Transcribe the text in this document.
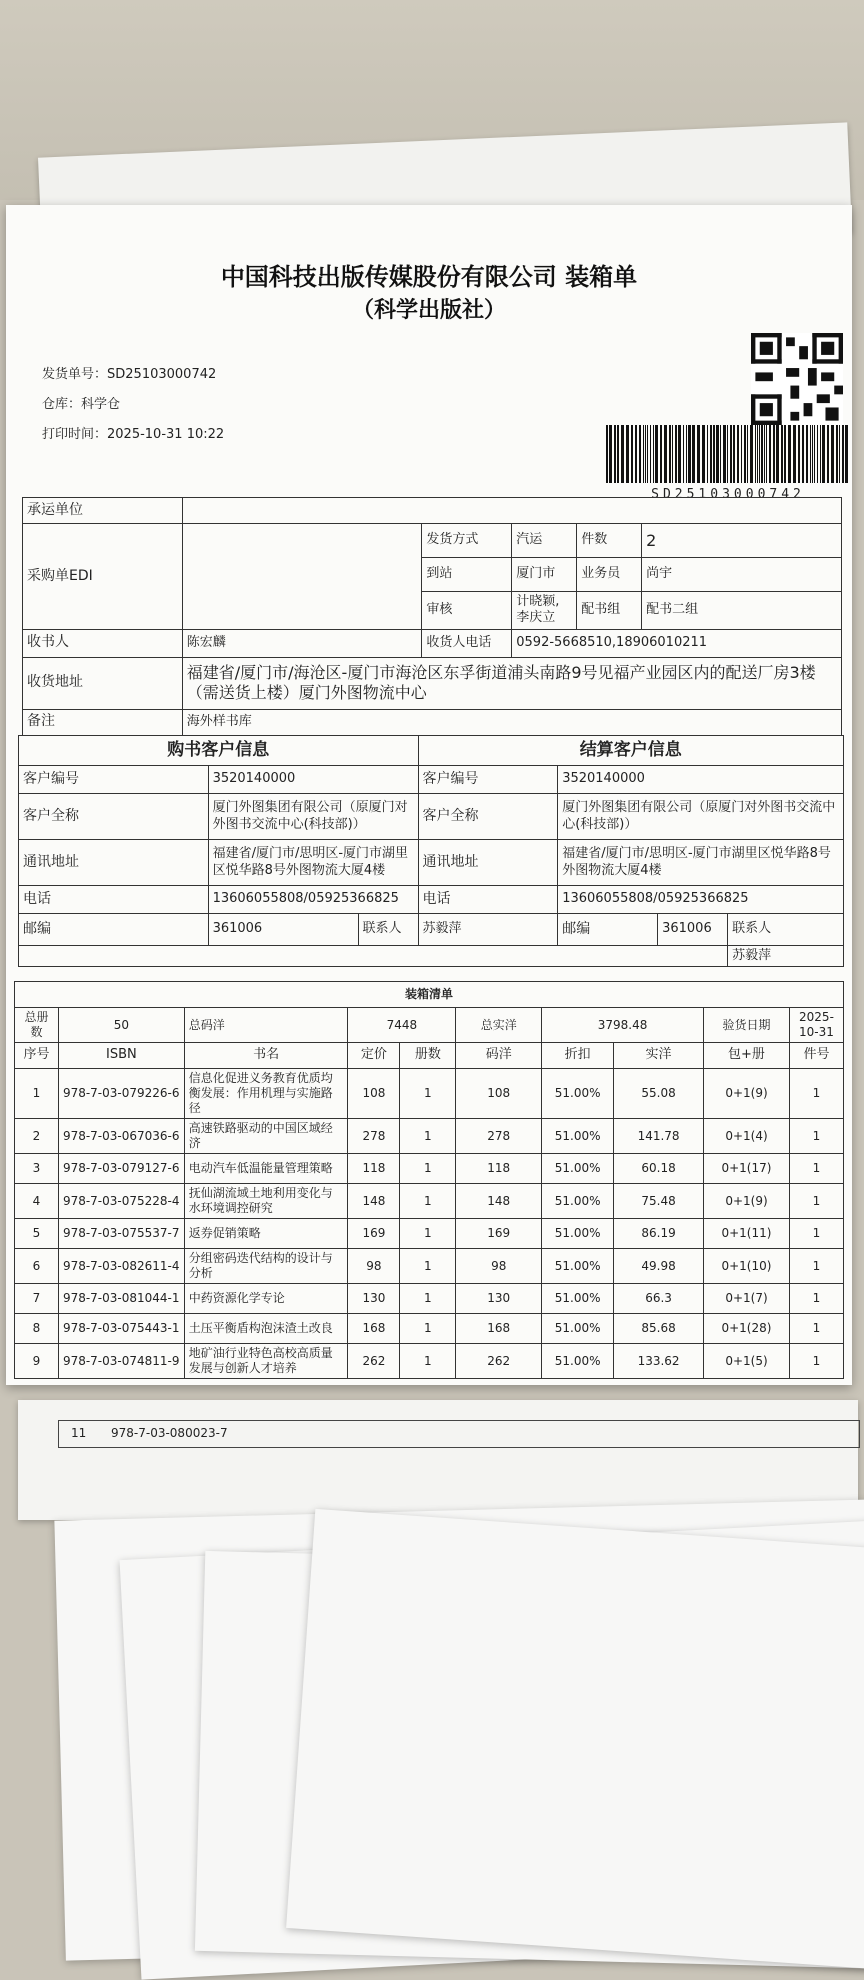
中国科技出版传媒股份有限公司 装箱单
（科学出版社）
发货单号：SD25103000742
仓库：科学仓
打印时间：2025-10-31 10:22
SD25103000742
承运单位					
采购单EDI		发货方式	汽运	件数	2
		到站	厦门市	业务员	尚宇
		审核	计晓颖,李庆立	配书组	配书二组
收书人	陈宏麟	收货人电话	0592-5668510,18906010211		
收货地址	福建省/厦门市/海沧区-厦门市海沧区东孚街道浦头南路9号见福产业园区内的配送厂房3楼（需送货上楼）厦门外图物流中心				
备注	海外样书库				
购书客户信息			结算客户信息			
客户编号	3520140000		客户编号	3520140000		
客户全称	厦门外图集团有限公司（原厦门对外图书交流中心(科技部)）		客户全称	厦门外图集团有限公司（原厦门对外图书交流中心(科技部)）		
通讯地址	福建省/厦门市/思明区-厦门市湖里区悦华路8号外图物流大厦4楼		通讯地址	福建省/厦门市/思明区-厦门市湖里区悦华路8号外图物流大厦4楼		
电话	13606055808/05925366825		电话	13606055808/05925366825		
邮编	361006	联系人	苏毅萍	邮编	361006	联系人
						苏毅萍
装箱清单									
总册数	50	总码洋	7448		总实洋	3798.48		验货日期	2025-10-31
序号	ISBN	书名	定价	册数	码洋	折扣	实洋	包+册	件号
1	978-7-03-079226-6	信息化促进义务教育优质均衡发展：作用机理与实施路径	108	1	108	51.00%	55.08	0+1(9)	1
2	978-7-03-067036-6	高速铁路驱动的中国区域经济	278	1	278	51.00%	141.78	0+1(4)	1
3	978-7-03-079127-6	电动汽车低温能量管理策略	118	1	118	51.00%	60.18	0+1(17)	1
4	978-7-03-075228-4	抚仙湖流域土地利用变化与水环境调控研究	148	1	148	51.00%	75.48	0+1(9)	1
5	978-7-03-075537-7	返券促销策略	169	1	169	51.00%	86.19	0+1(11)	1
6	978-7-03-082611-4	分组密码迭代结构的设计与分析	98	1	98	51.00%	49.98	0+1(10)	1
7	978-7-03-081044-1	中药资源化学专论	130	1	130	51.00%	66.3	0+1(7)	1
8	978-7-03-075443-1	土压平衡盾构泡沫渣土改良	168	1	168	51.00%	85.68	0+1(28)	1
9	978-7-03-074811-9	地矿油行业特色高校高质量发展与创新人才培养	262	1	262	51.00%	133.62	0+1(5)	1
11 978-7-03-080023-7
